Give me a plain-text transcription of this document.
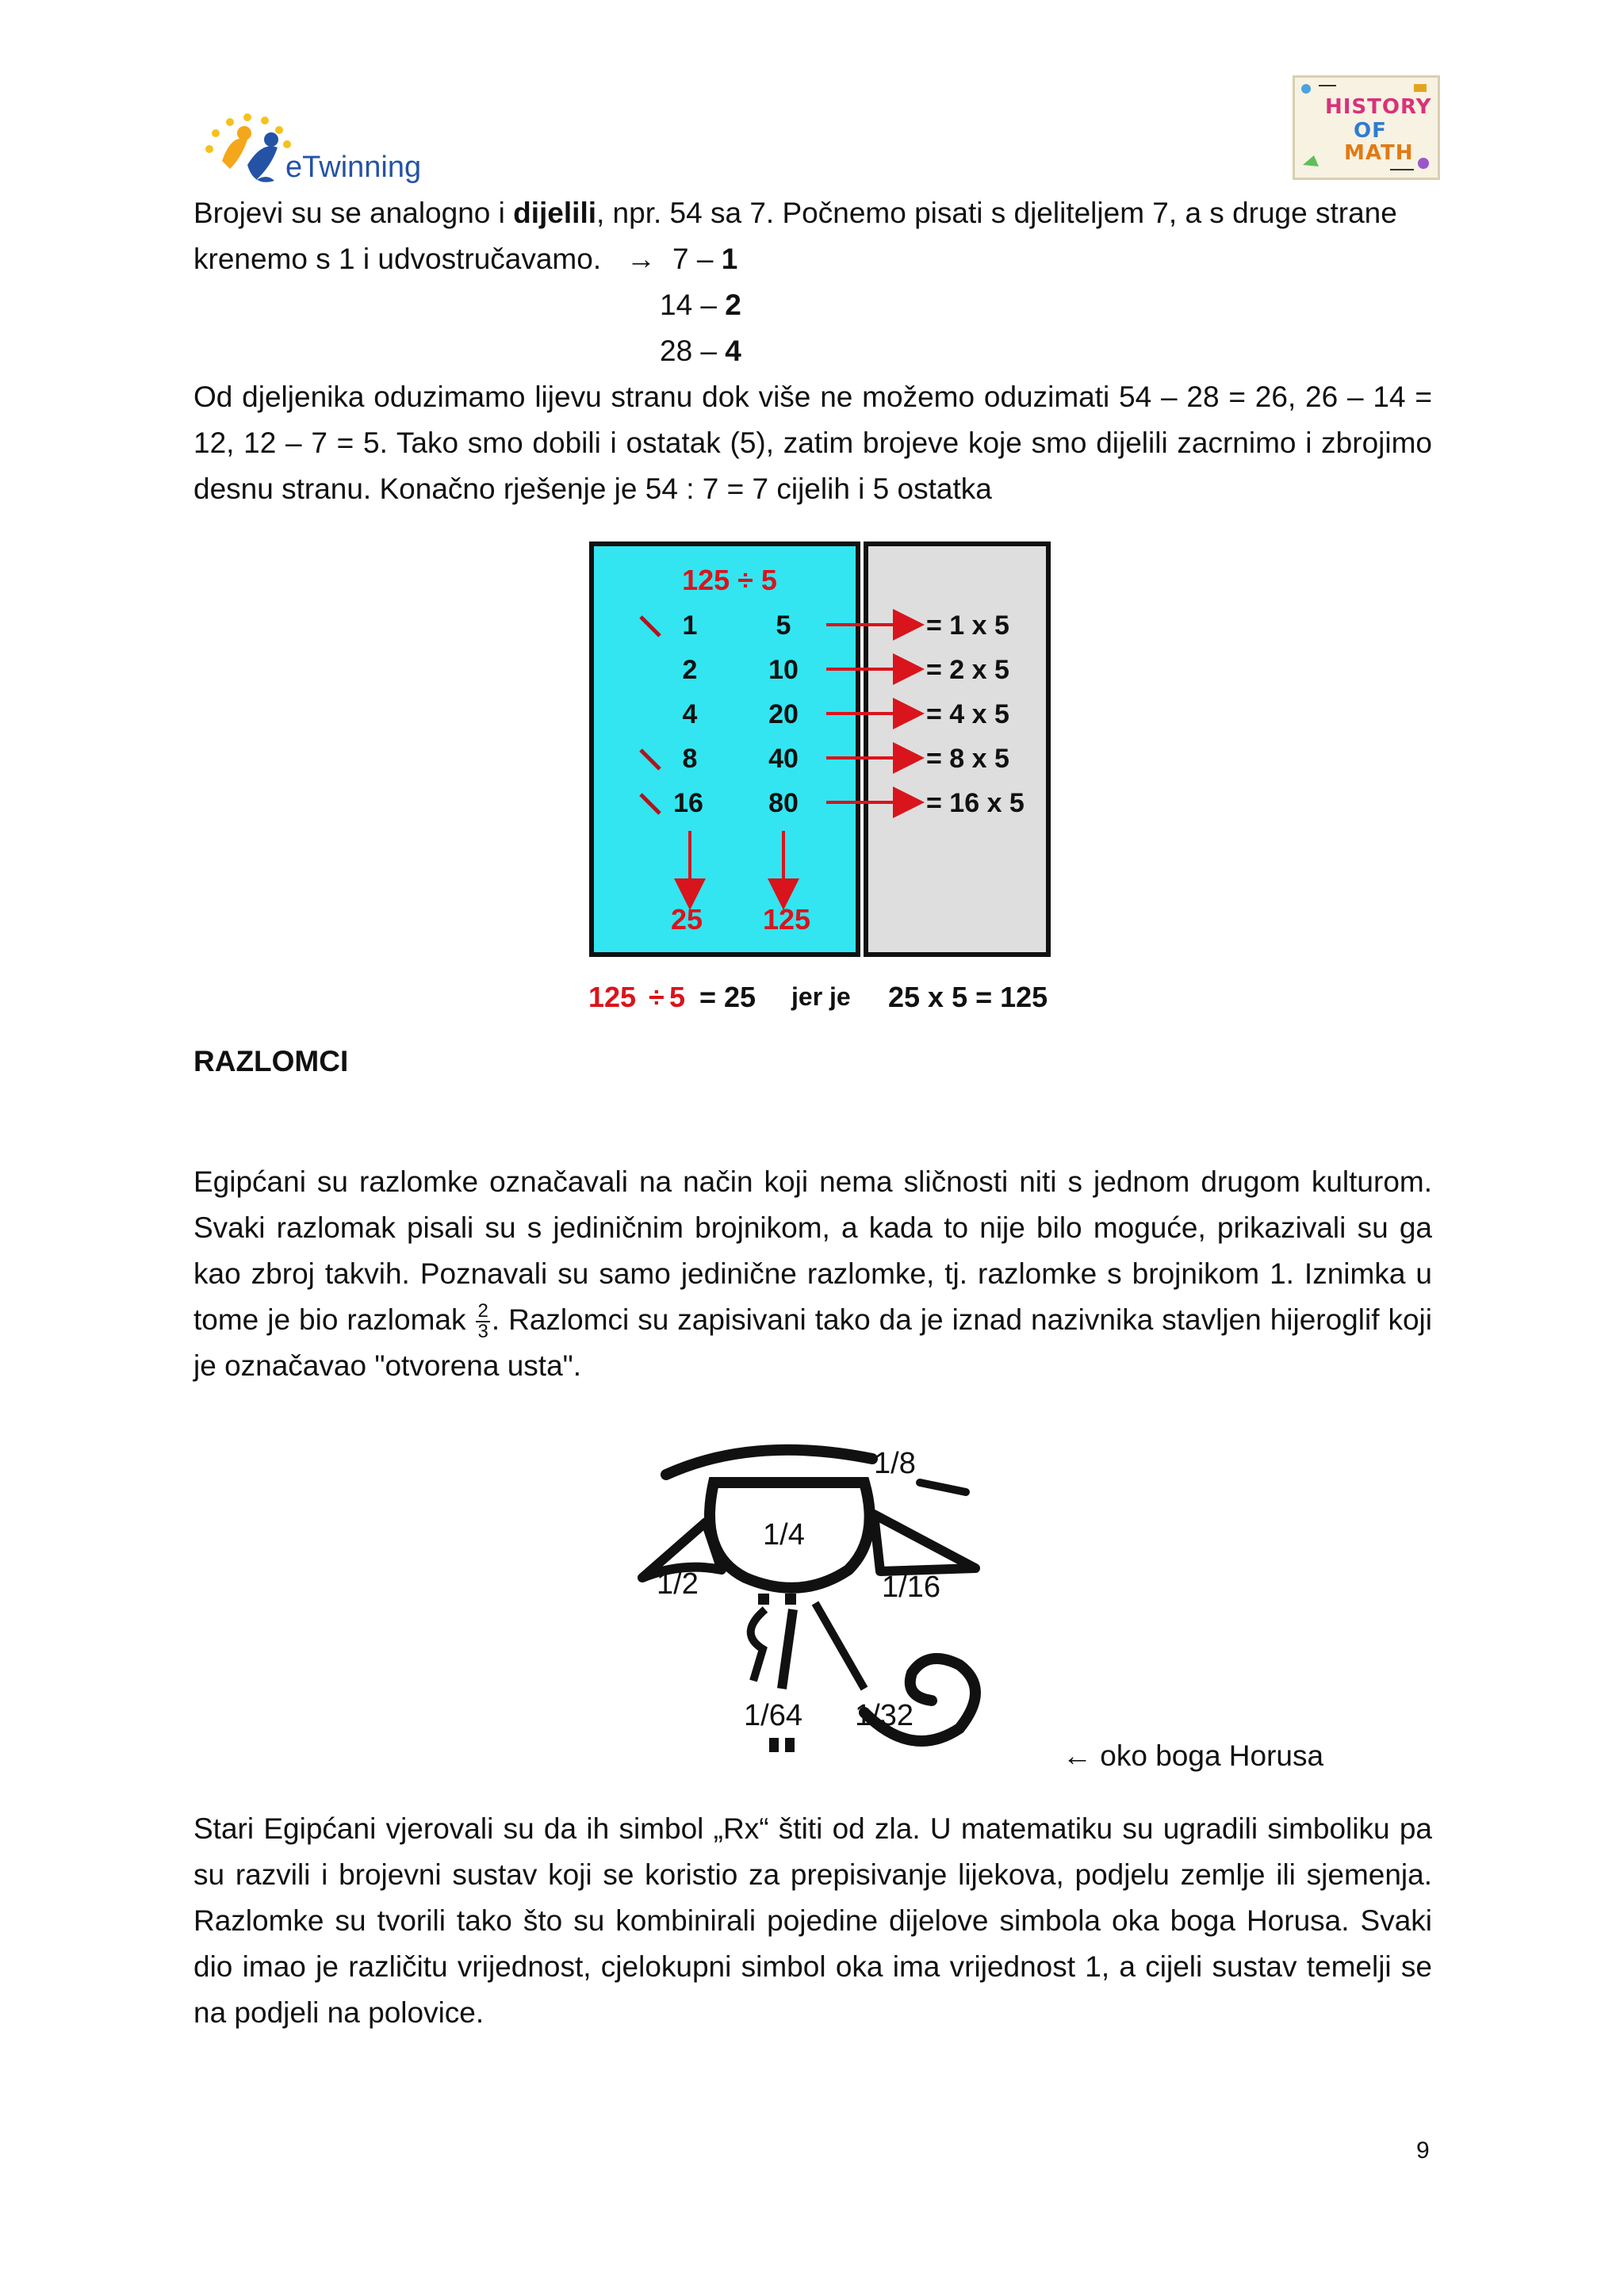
eTwinning
HISTORY
OF
MATH
Brojevi su se analogno i dijelili, npr. 54 sa 7. Počnemo pisati s djeliteljem 7, a s druge strane
krenemo s 1 i udvostručavamo. → 7 – 1
14 – 2
28 – 4

Od djeljenika oduzimamo lijevu stranu dok više ne možemo oduzimati 54 – 28 = 26, 26 – 14 = 12, 12 – 7 = 5. Tako smo dobili i ostatak (5), zatim brojeve koje smo dijelili zacrnimo i zbrojimo desnu stranu. Konačno rješenje je 54 : 7 = 7 cijelih i 5 ostatka

125 ÷ 5
1	5	= 1 x 5
2	10	= 2 x 5
4	20	= 4 x 5
8	40	= 8 x 5
16 80	= 16 x 5
25 125
125 ÷ 5 = 25 jer je 25 x 5 = 125
RAZLOMCI

Egipćani su razlomke označavali na način koji nema sličnosti niti s jednom drugom kulturom. Svaki razlomak pisali su s jediničnim brojnikom, a kada to nije bilo moguće, prikazivali su ga kao zbroj takvih. Poznavali su samo jedinične razlomke, tj. razlomke s brojnikom 1. Iznimka u tome je bio razlomak $\frac{2}{3}$ . Razlomci su zapisivani tako da je iznad nazivnika stavljen hijeroglif koji je označavao "otvorena usta".

1/8
1/4
1/2	1/16
1/64 1/32
← oko boga Horusa

Stari Egipćani vjerovali su da ih simbol „Rx“ štiti od zla. U matematiku su ugradili simboliku pa su razvili i brojevni sustav koji se koristio za prepisivanje lijekova, podjelu zemlje ili sjemenja. Razlomke su tvorili tako što su kombinirali pojedine dijelove simbola oka boga Horusa. Svaki dio imao je različitu vrijednost, cjelokupni simbol oka ima vrijednost 1, a cijeli sustav temelji se na podjeli na polovice.

9
